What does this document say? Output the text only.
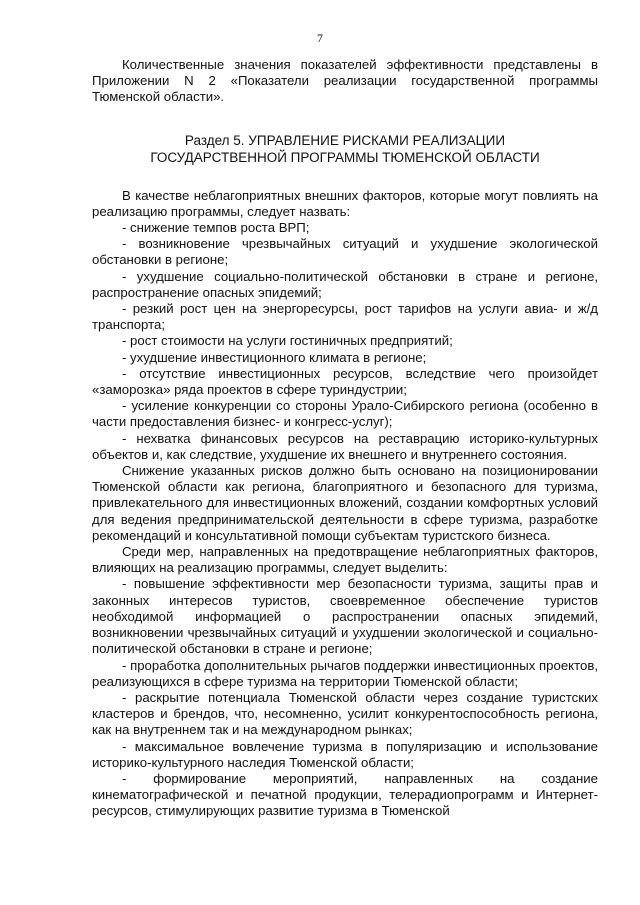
7

Количественные значения показателей эффективности представлены в Приложении N 2 «Показатели реализации государственной программы Тюменской области».

Раздел 5. УПРАВЛЕНИЕ РИСКАМИ РЕАЛИЗАЦИИ
ГОСУДАРСТВЕННОЙ ПРОГРАММЫ ТЮМЕНСКОЙ ОБЛАСТИ

В качестве неблагоприятных внешних факторов, которые могут повлиять на реализацию программы, следует назвать:

- снижение темпов роста ВРП;

- возникновение чрезвычайных ситуаций и ухудшение экологической обстановки в регионе;

- ухудшение социально-политической обстановки в стране и регионе, распространение опасных эпидемий;

- резкий рост цен на энергоресурсы, рост тарифов на услуги авиа- и ж/д транспорта;

- рост стоимости на услуги гостиничных предприятий;

- ухудшение инвестиционного климата в регионе;

- отсутствие инвестиционных ресурсов, вследствие чего произойдет «заморозка» ряда проектов в сфере туриндустрии;

- усиление конкуренции со стороны Урало-Сибирского региона (особенно в части предоставления бизнес- и конгресс-услуг);

- нехватка финансовых ресурсов на реставрацию историко-культурных объектов и, как следствие, ухудшение их внешнего и внутреннего состояния.

Снижение указанных рисков должно быть основано на позиционировании Тюменской области как региона, благоприятного и безопасного для туризма, привлекательного для инвестиционных вложений, создании комфортных условий для ведения предпринимательской деятельности в сфере туризма, разработке рекомендаций и консультативной помощи субъектам туристского бизнеса.

Среди мер, направленных на предотвращение неблагоприятных факторов, влияющих на реализацию программы, следует выделить:

- повышение эффективности мер безопасности туризма, защиты прав и законных интересов туристов, своевременное обеспечение туристов необходимой информацией о распространении опасных эпидемий, возникновении чрезвычайных ситуаций и ухудшении экологической и социально-политической обстановки в стране и регионе;

- проработка дополнительных рычагов поддержки инвестиционных проектов, реализующихся в сфере туризма на территории Тюменской области;

- раскрытие потенциала Тюменской области через создание туристских кластеров и брендов, что, несомненно, усилит конкурентоспособность региона, как на внутреннем так и на международном рынках;

- максимальное вовлечение туризма в популяризацию и использование историко-культурного наследия Тюменской области;

- формирование мероприятий, направленных на создание кинематографической и печатной продукции, телерадиопрограмм и Интернет-ресурсов, стимулирующих развитие туризма в Тюменской
